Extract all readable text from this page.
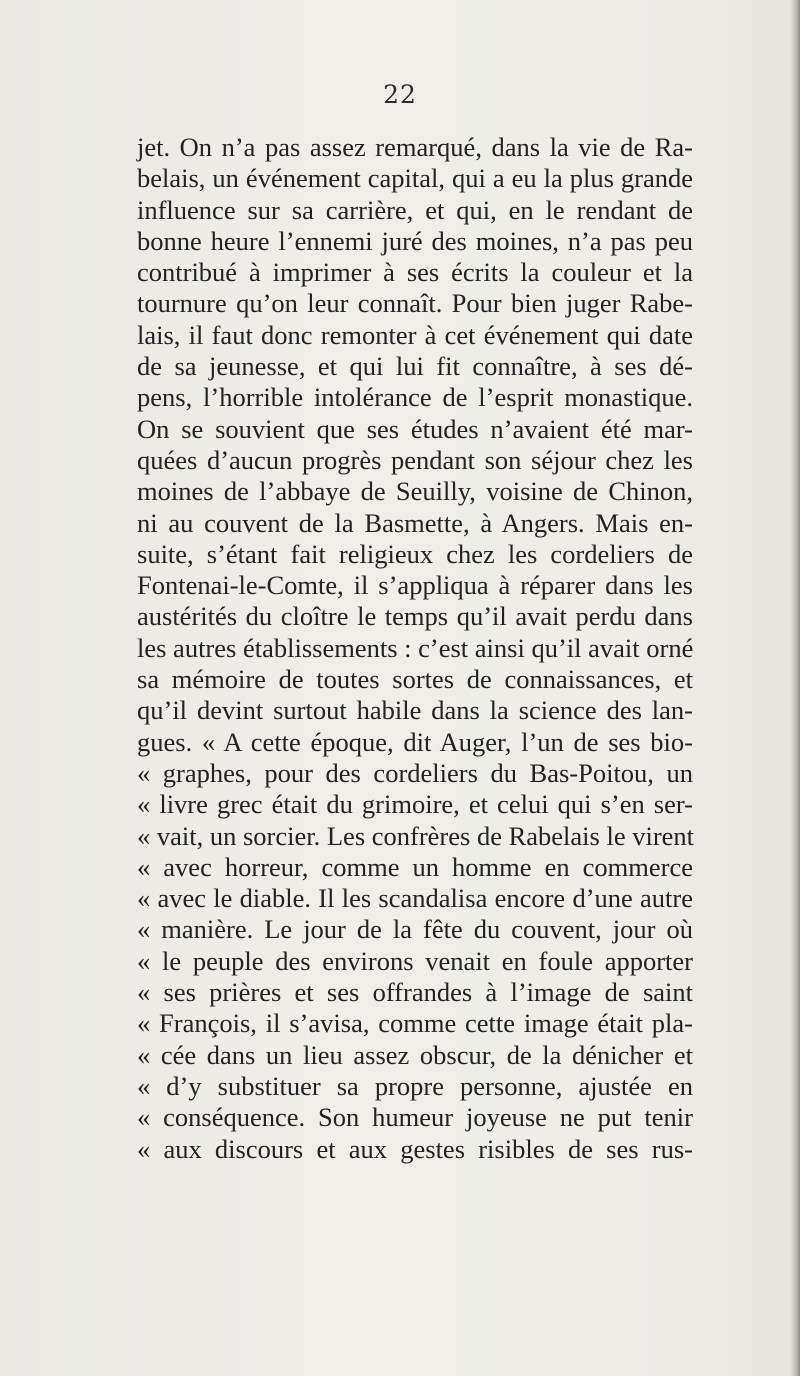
22
jet. On n’a pas assez remarqué, dans la vie de Ra-
belais, un événement capital, qui a eu la plus grande
influence sur sa carrière, et qui, en le rendant de
bonne heure l’ennemi juré des moines, n’a pas peu
contribué à imprimer à ses écrits la couleur et la
tournure qu’on leur connaît. Pour bien juger Rabe-
lais, il faut donc remonter à cet événement qui date
de sa jeunesse, et qui lui fit connaître, à ses dé-
pens, l’horrible intolérance de l’esprit monastique.
On se souvient que ses études n’avaient été mar-
quées d’aucun progrès pendant son séjour chez les
moines de l’abbaye de Seuilly, voisine de Chinon,
ni au couvent de la Basmette, à Angers. Mais en-
suite, s’étant fait religieux chez les cordeliers de
Fontenai-le-Comte, il s’appliqua à réparer dans les
austérités du cloître le temps qu’il avait perdu dans
les autres établissements : c’est ainsi qu’il avait orné
sa mémoire de toutes sortes de connaissances, et
qu’il devint surtout habile dans la science des lan-
gues. « A cette époque, dit Auger, l’un de ses bio-
« graphes, pour des cordeliers du Bas-Poitou, un
« livre grec était du grimoire, et celui qui s’en ser-
« vait, un sorcier. Les confrères de Rabelais le virent
« avec horreur, comme un homme en commerce
« avec le diable. Il les scandalisa encore d’une autre
« manière. Le jour de la fête du couvent, jour où
« le peuple des environs venait en foule apporter
« ses prières et ses offrandes à l’image de saint
« François, il s’avisa, comme cette image était pla-
« cée dans un lieu assez obscur, de la dénicher et
« d’y substituer sa propre personne, ajustée en
« conséquence. Son humeur joyeuse ne put tenir
« aux discours et aux gestes risibles de ses rus-
